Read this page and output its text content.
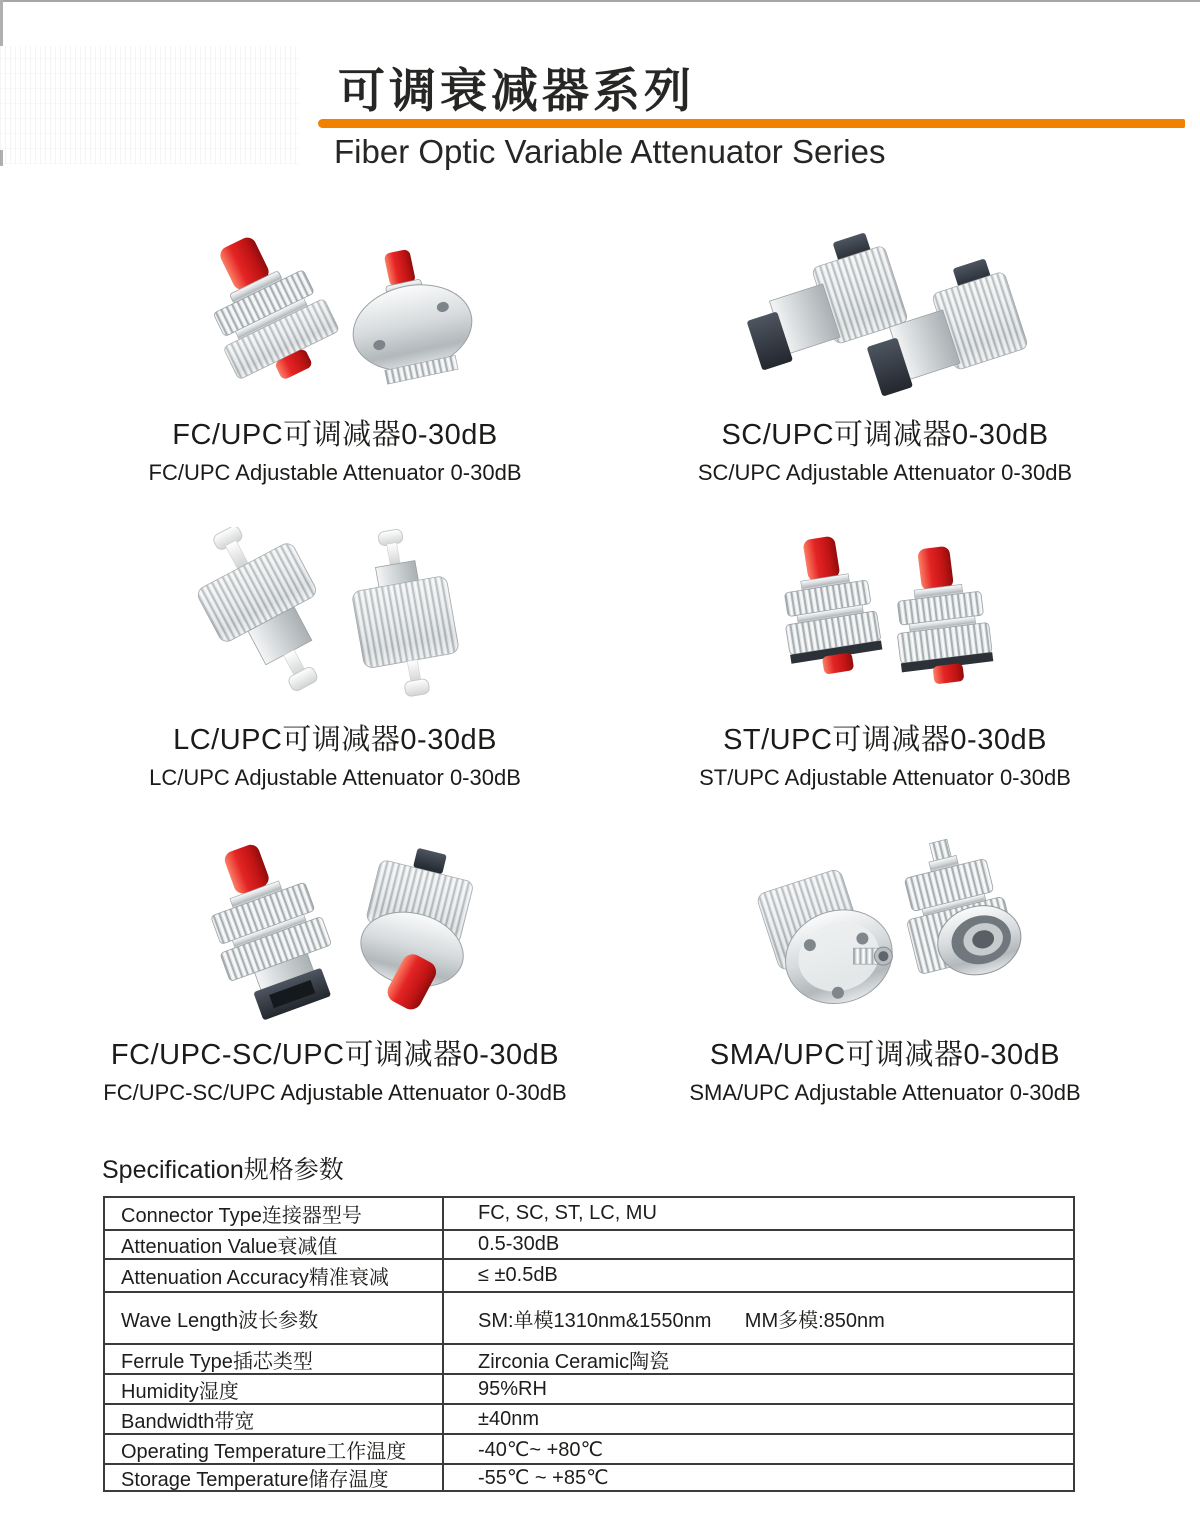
可调衰减器系列
Fiber Optic Variable Attenuator Series
FC/UPC可调减器0-30dB
FC/UPC Adjustable Attenuator 0-30dB
SC/UPC可调减器0-30dB
SC/UPC Adjustable Attenuator 0-30dB
LC/UPC可调减器0-30dB
LC/UPC Adjustable Attenuator 0-30dB
ST/UPC可调减器0-30dB
ST/UPC Adjustable Attenuator 0-30dB
FC/UPC-SC/UPC可调减器0-30dB
FC/UPC-SC/UPC Adjustable Attenuator 0-30dB
SMA/UPC可调减器0-30dB
SMA/UPC Adjustable Attenuator 0-30dB
Specification规格参数
Connector Type连接器型号	FC, SC, ST, LC, MU
Attenuation Value衰减值	0.5-30dB
Attenuation Accuracy精准衰减	≤ ±0.5dB
Wave Length波长参数	SM:单模1310nm&1550nm      MM多模:850nm
Ferrule Type插芯类型	Zirconia Ceramic陶瓷
Humidity湿度	95%RH
Bandwidth带宽	±40nm
Operating Temperature工作温度	-40℃~ +80℃
Storage Temperature储存温度	-55℃ ~ +85℃
